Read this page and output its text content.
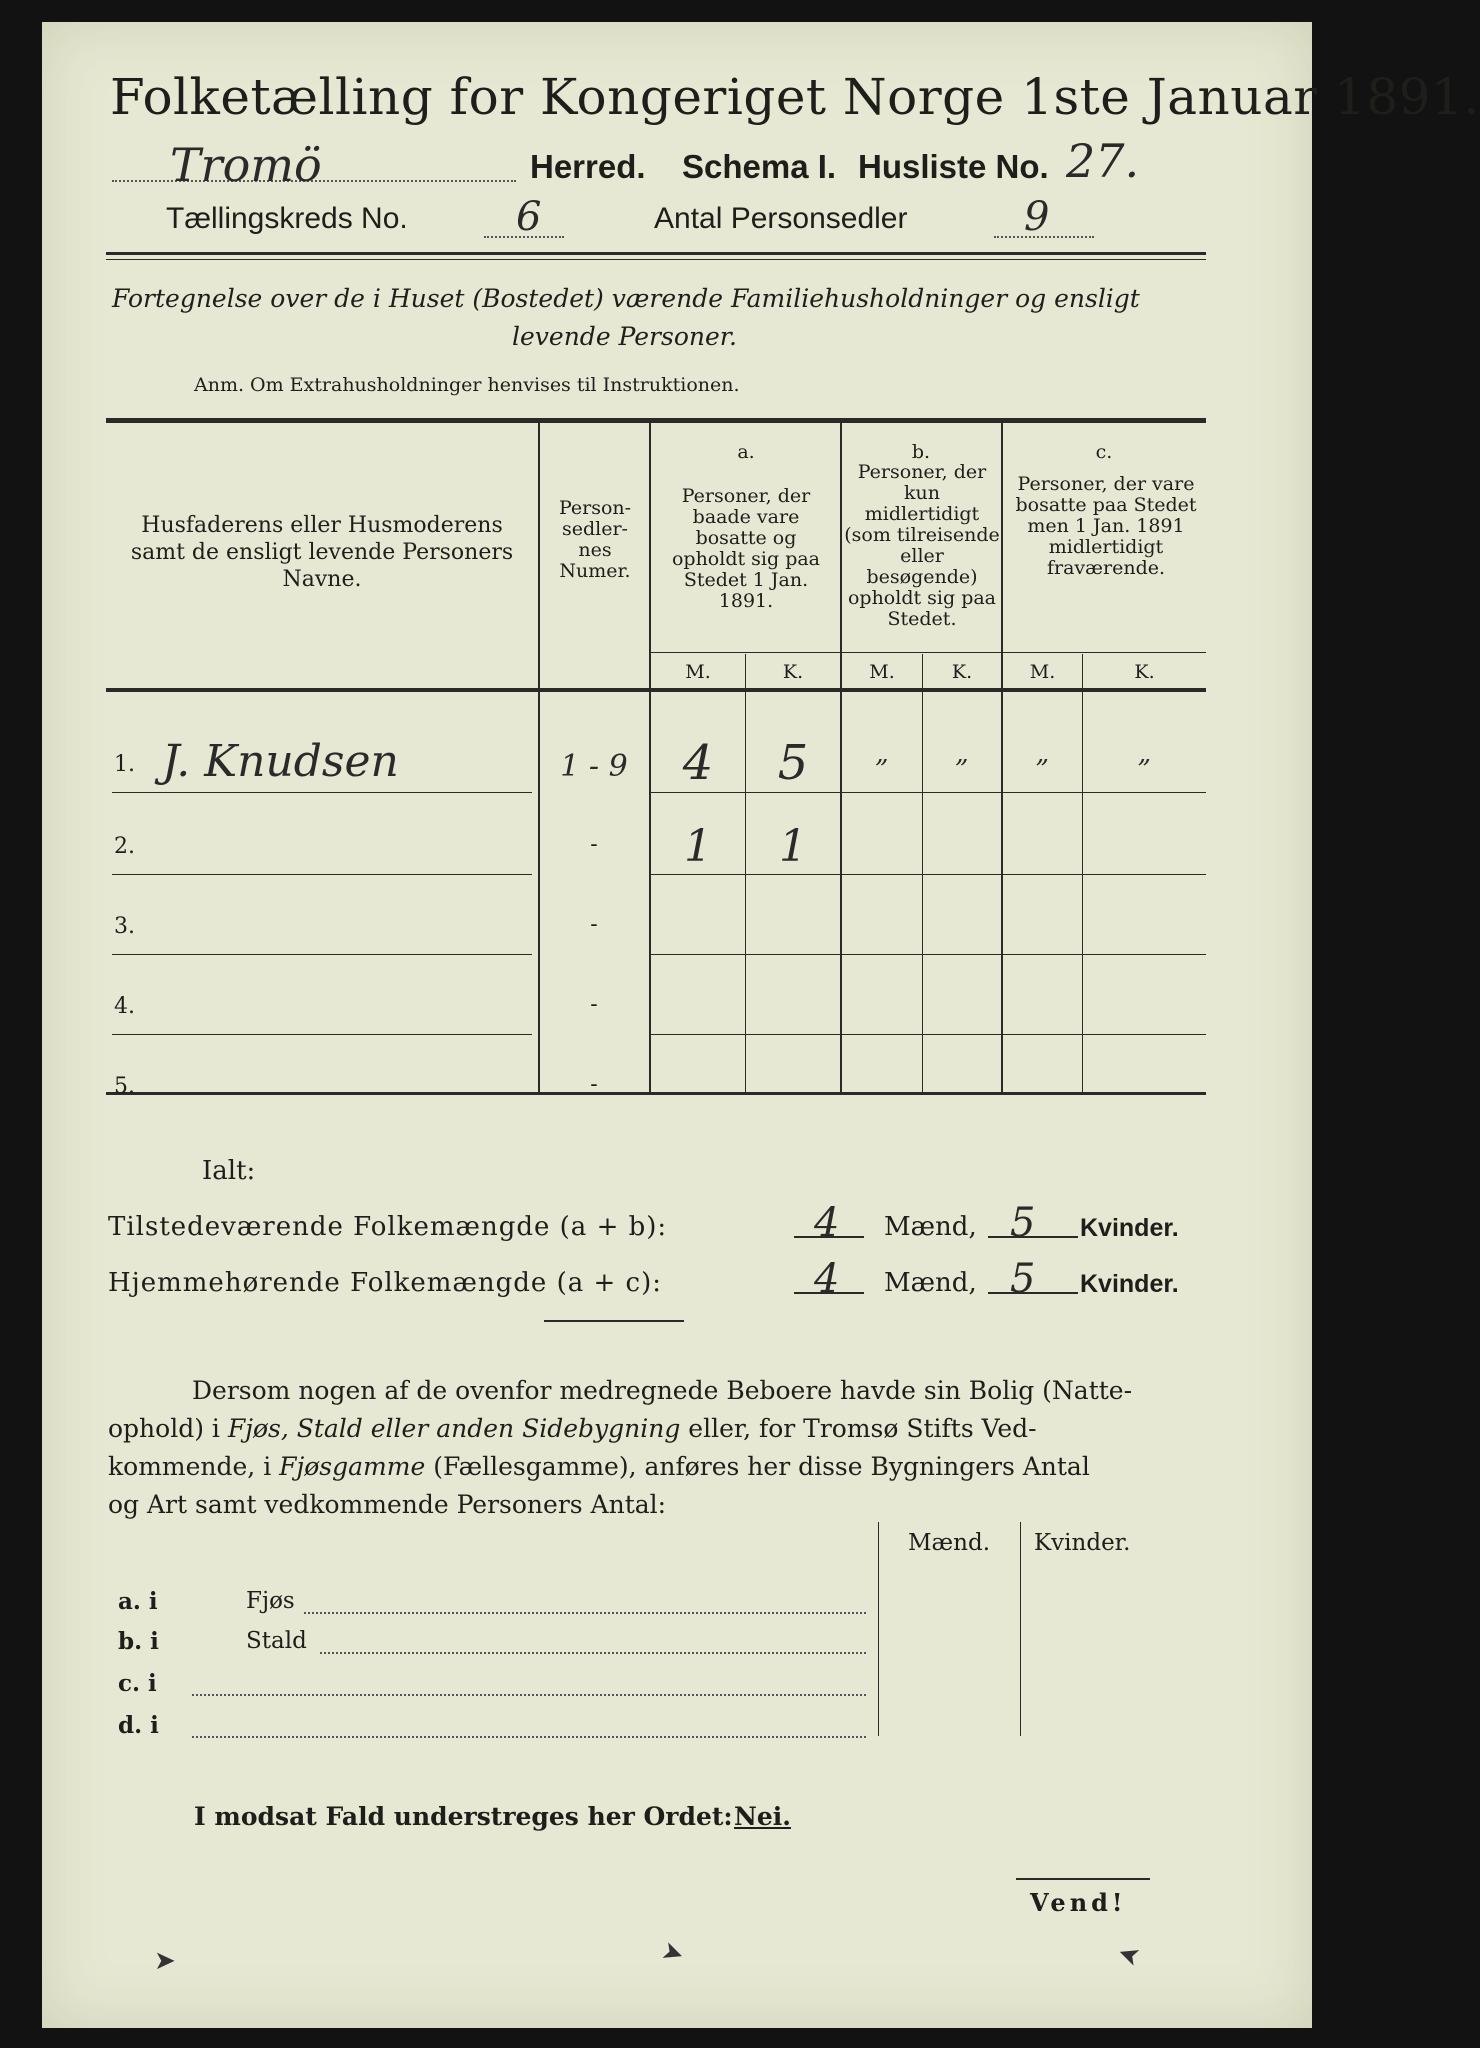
Folketælling for Kongeriget Norge 1ste Januar 1891.
Tromö	Herred. Schema I. Husliste No. 27.
Tællingskreds No.	6	Antal Personsedler	9
Fortegnelse over de i Huset (Bostedet) værende Familiehusholdninger og ensligt
levende Personer.
Anm. Om Extrahusholdninger henvises til Instruktionen.
Husfaderens eller Husmoderens samt de ensligt levende Personers Navne.
Person-sedler-nes Numer.
a.
Personer, der baade vare bosatte og opholdt sig paa Stedet 1 Jan. 1891.
b.
Personer, der kun midlertidigt (som tilreisende eller besøgende) opholdt sig paa Stedet.
c.
Personer, der vare bosatte paa Stedet men 1 Jan. 1891 midlertidigt fraværende.
M.	K.	M.	K.	M.	K.
1. J. Knudsen	1 - 9	4	5	„	„	„	„
2.	-	1	1
3.	-
4.	-
5.	-
Ialt:
Tilstedeværende Folkemængde (a + b):	4 Mænd, 5 Kvinder.
Hjemmehørende Folkemængde (a + c):	4 Mænd, 5 Kvinder.
Dersom nogen af de ovenfor medregnede Beboere havde sin Bolig (Natte-
ophold) i Fjøs, Stald eller anden Sidebygning eller, for Tromsø Stifts Ved-
kommende, i Fjøsgamme (Fællesgamme), anføres her disse Bygningers Antal
og Art samt vedkommende Personers Antal:
Mænd. Kvinder.
a. i	Fjøs
b. i	Stald
c. i
d. i
I modsat Fald understreges her Ordet: Nei.
Vend!
➤	➤	➤
